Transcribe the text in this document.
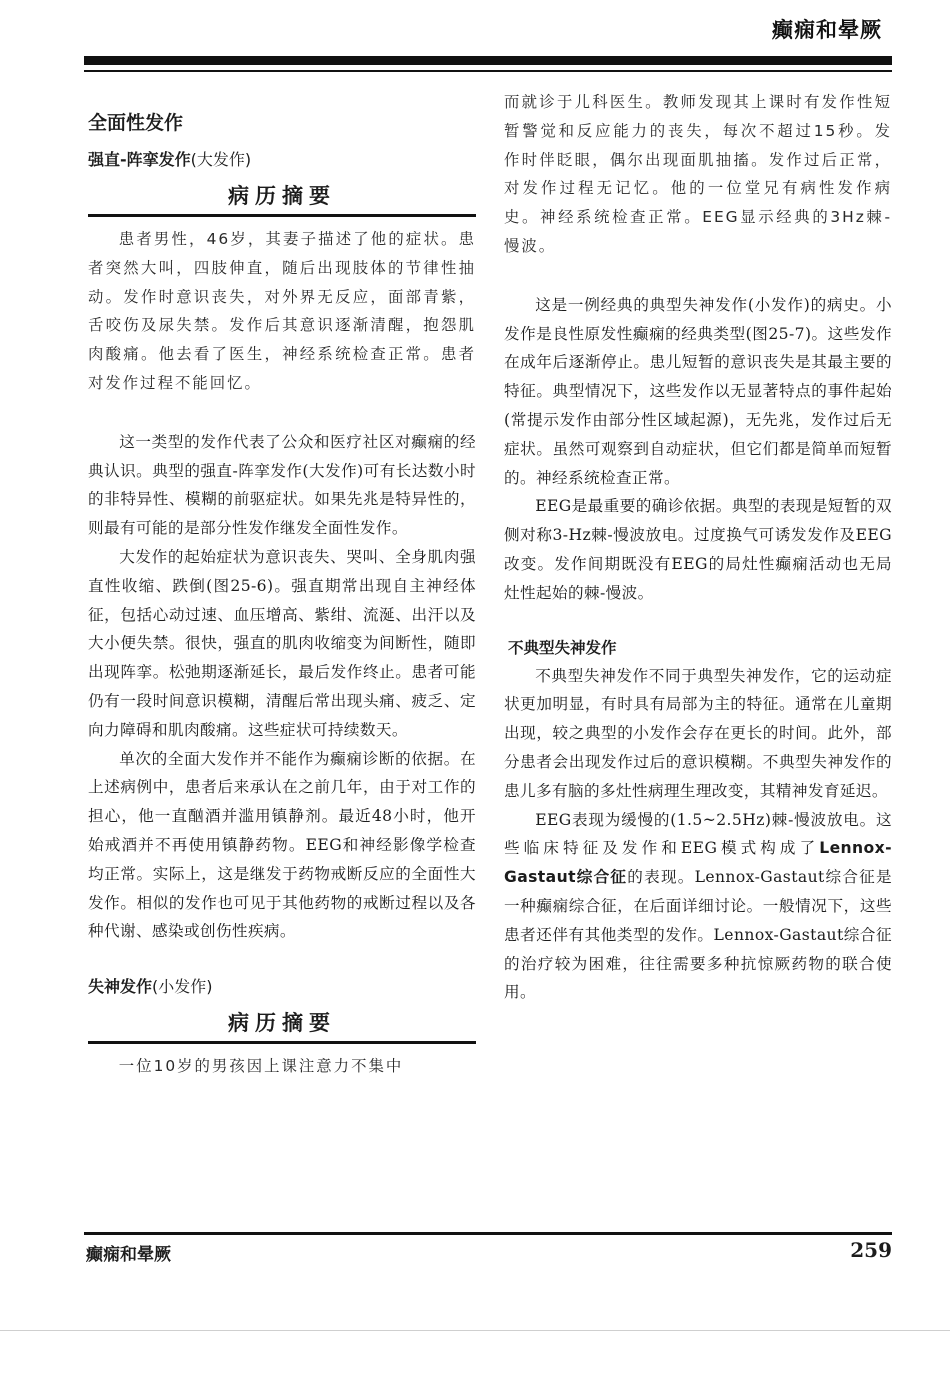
癫痫和晕厥
全面性发作
强直-阵挛发作(大发作)
病历摘要

患者男性，46岁，其妻子描述了他的症状。患者突然大叫，四肢伸直，随后出现肢体的节律性抽动。发作时意识丧失，对外界无反应，面部青紫，舌咬伤及尿失禁。发作后其意识逐渐清醒，抱怨肌肉酸痛。他去看了医生，神经系统检查正常。患者对发作过程不能回忆。

这一类型的发作代表了公众和医疗社区对癫痫的经典认识。典型的强直-阵挛发作(大发作)可有长达数小时的非特异性、模糊的前驱症状。如果先兆是特异性的，则最有可能的是部分性发作继发全面性发作。

大发作的起始症状为意识丧失、哭叫、全身肌肉强直性收缩、跌倒(图25-6)。强直期常出现自主神经体征，包括心动过速、血压增高、紫绀、流涎、出汗以及大小便失禁。很快，强直的肌肉收缩变为间断性，随即出现阵挛。松弛期逐渐延长，最后发作终止。患者可能仍有一段时间意识模糊，清醒后常出现头痛、疲乏、定向力障碍和肌肉酸痛。这些症状可持续数天。

单次的全面大发作并不能作为癫痫诊断的依据。在上述病例中，患者后来承认在之前几年，由于对工作的担心，他一直酗酒并滥用镇静剂。最近48小时，他开始戒酒并不再使用镇静药物。EEG和神经影像学检查均正常。实际上，这是继发于药物戒断反应的全面性大发作。相似的发作也可见于其他药物的戒断过程以及各种代谢、感染或创伤性疾病。

失神发作(小发作)
病历摘要

一位10岁的男孩因上课注意力不集中

而就诊于儿科医生。教师发现其上课时有发作性短暂警觉和反应能力的丧失，每次不超过15秒。发作时伴眨眼，偶尔出现面肌抽搐。发作过后正常，对发作过程无记忆。他的一位堂兄有病性发作病史。神经系统检查正常。EEG显示经典的3Hz棘-慢波。

这是一例经典的典型失神发作(小发作)的病史。小发作是良性原发性癫痫的经典类型(图25-7)。这些发作在成年后逐渐停止。患儿短暂的意识丧失是其最主要的特征。典型情况下，这些发作以无显著特点的事件起始(常提示发作由部分性区域起源)，无先兆，发作过后无症状。虽然可观察到自动症状，但它们都是简单而短暂的。神经系统检查正常。

EEG是最重要的确诊依据。典型的表现是短暂的双侧对称3-Hz棘-慢波放电。过度换气可诱发发作及EEG改变。发作间期既没有EEG的局灶性癫痫活动也无局灶性起始的棘-慢波。

不典型失神发作

不典型失神发作不同于典型失神发作，它的运动症状更加明显，有时具有局部为主的特征。通常在儿童期出现，较之典型的小发作会存在更长的时间。此外，部分患者会出现发作过后的意识模糊。不典型失神发作的患儿多有脑的多灶性病理生理改变，其精神发育延迟。

EEG表现为缓慢的(1.5~2.5Hz)棘-慢波放电。这些临床特征及发作和EEG模式构成了Lennox-Gastaut综合征的表现。Lennox-Gastaut综合征是一种癫痫综合征，在后面详细讨论。一般情况下，这些患者还伴有其他类型的发作。Lennox-Gastaut综合征的治疗较为困难，往往需要多种抗惊厥药物的联合使用。

癫痫和晕厥	259
